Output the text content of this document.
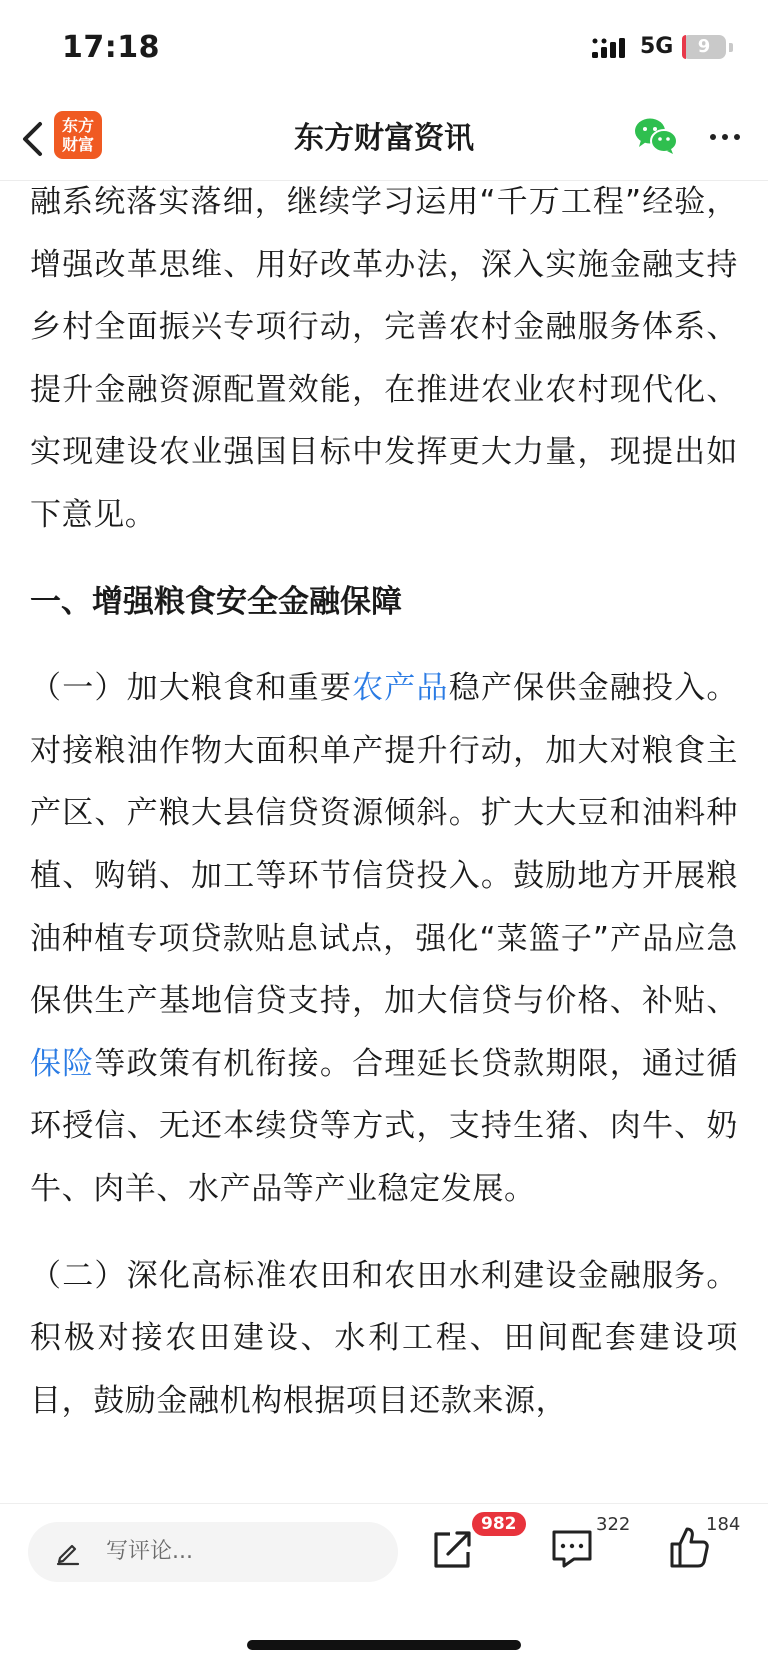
17:18	5G	9
东方财富资讯
东方
财富

融系统落实落细，继续学习运用“千万工程”经验，增强改革思维、用好改革办法，深入实施金融支持乡村全面振兴专项行动，完善农村金融服务体系、提升金融资源配置效能，在推进农业农村现代化、实现建设农业强国目标中发挥更大力量，现提出如下意见。

一、增强粮食安全金融保障

（一）加大粮食和重要农产品稳产保供金融投入。对接粮油作物大面积单产提升行动，加大对粮食主产区、产粮大县信贷资源倾斜。扩大大豆和油料种植、购销、加工等环节信贷投入。鼓励地方开展粮油种植专项贷款贴息试点，强化“菜篮子”产品应急保供生产基地信贷支持，加大信贷与价格、补贴、保险等政策有机衔接。合理延长贷款期限，通过循环授信、无还本续贷等方式，支持生猪、肉牛、奶牛、肉羊、水产品等产业稳定发展。

（二）深化高标准农田和农田水利建设金融服务。积极对接农田建设、水利工程、田间配套建设项目，鼓励金融机构根据项目还款来源，

写评论...
982	322	184
